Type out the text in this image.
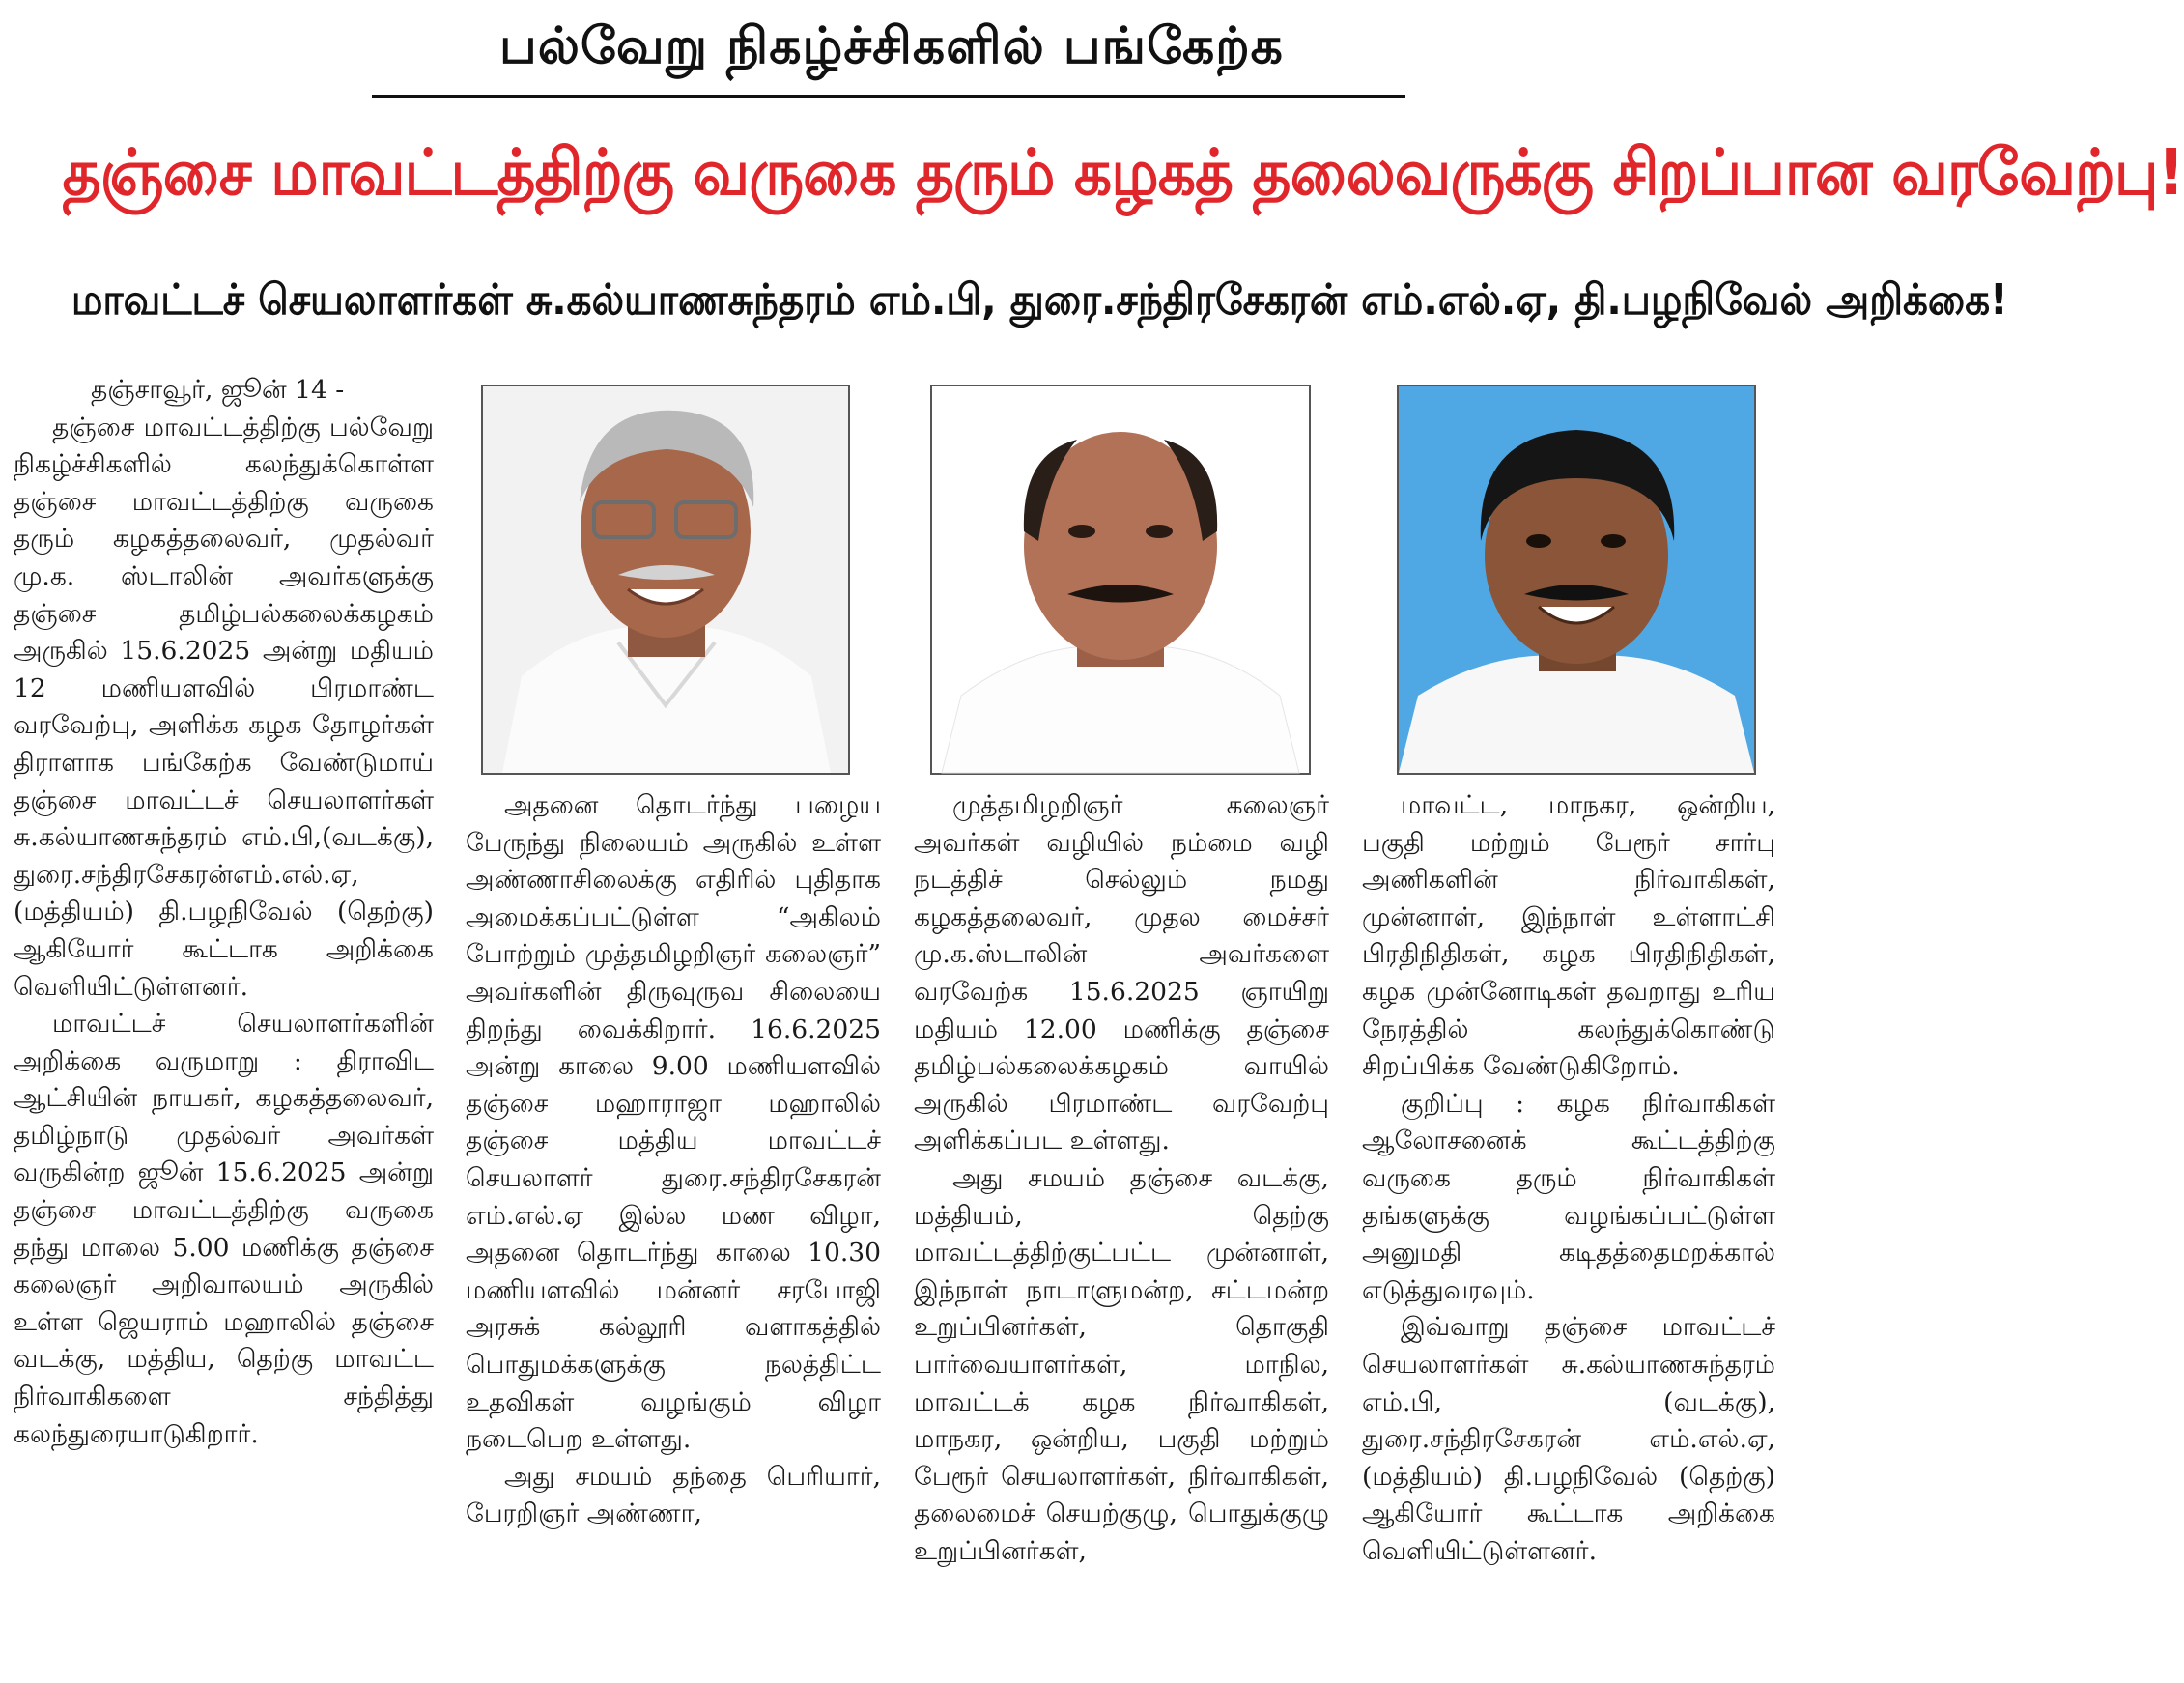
பல்வேறு நிகழ்ச்சிகளில் பங்கேற்க
தஞ்சை மாவட்டத்திற்கு வருகை தரும் கழகத் தலைவருக்கு சிறப்பான வரவேற்பு!
மாவட்டச் செயலாளர்கள் சு.கல்யாணசுந்தரம் எம்.பி, துரை.சந்திரசேகரன் எம்.எல்.ஏ, தி.பழநிவேல் அறிக்கை!

தஞ்சாவூர், ஜூன் 14 -

தஞ்சை மாவட்டத்திற்கு பல்வேறு நிகழ்ச்சிகளில் கலந்துக்கொள்ள தஞ்சை மாவட்டத்திற்கு வருகை தரும் கழகத்தலைவர், முதல்வர் மு.க. ஸ்டாலின் அவர்களுக்கு தஞ்சை தமிழ்பல்கலைக்கழகம் அருகில் 15.6.2025 அன்று மதியம் 12 மணியளவில் பிரமாண்ட வரவேற்பு, அளிக்க கழக தோழர்கள் திராளாக பங்கேற்க வேண்டுமாய் தஞ்சை மாவட்டச் செயலாளர்கள் சு.கல்யாணசுந்தரம் எம்.பி,(வடக்கு), துரை.சந்திரசேகரன்எம்.எல்.ஏ, (மத்தியம்) தி.பழநிவேல் (தெற்கு) ஆகியோர் கூட்டாக அறிக்கை வெளியிட்டுள்ளனர்.

மாவட்டச் செயலாளர்களின் அறிக்கை வருமாறு : திராவிட ஆட்சியின் நாயகர், கழகத்தலைவர், தமிழ்நாடு முதல்வர் அவர்கள் வருகின்ற ஜூன் 15.6.2025 அன்று தஞ்சை மாவட்டத்திற்கு வருகை தந்து மாலை 5.00 மணிக்கு தஞ்சை கலைஞர் அறிவாலயம் அருகில் உள்ள ஜெயராம் மஹாலில் தஞ்சை வடக்கு, மத்திய, தெற்கு மாவட்ட நிர்வாகிகளை சந்தித்து கலந்துரையாடுகிறார்.

அதனை தொடர்ந்து பழைய பேருந்து நிலையம் அருகில் உள்ள அண்ணாசிலைக்கு எதிரில் புதிதாக அமைக்கப்பட்டுள்ள “அகிலம் போற்றும் முத்தமிழறிஞர் கலைஞர்” அவர்களின் திருவுருவ சிலையை திறந்து வைக்கிறார். 16.6.2025 அன்று காலை 9.00 மணியளவில் தஞ்சை மஹாராஜா மஹாலில் தஞ்சை மத்திய மாவட்டச் செயலாளர் துரை.சந்திரசேகரன் எம்.எல்.ஏ இல்ல மண விழா, அதனை தொடர்ந்து காலை 10.30 மணியளவில் மன்னர் சரபோஜி அரசுக் கல்லூரி வளாகத்தில் பொதுமக்களுக்கு நலத்திட்ட உதவிகள் வழங்கும் விழா நடைபெற உள்ளது.

அது சமயம் தந்தை பெரியார், பேரறிஞர் அண்ணா,

முத்தமிழறிஞர் கலைஞர் அவர்கள் வழியில் நம்மை வழி நடத்திச் செல்லும் நமது கழகத்தலைவர், முதல மைச்சர் மு.க.ஸ்டாலின் அவர்களை வரவேற்க 15.6.2025 ஞாயிறு மதியம் 12.00 மணிக்கு தஞ்சை தமிழ்பல்கலைக்கழகம் வாயில் அருகில் பிரமாண்ட வரவேற்பு அளிக்கப்பட உள்ளது.

அது சமயம் தஞ்சை வடக்கு, மத்தியம், தெற்கு மாவட்டத்திற்குட்பட்ட முன்னாள், இந்நாள் நாடாளுமன்ற, சட்டமன்ற உறுப்பினர்கள், தொகுதி பார்வையாளர்கள், மாநில, மாவட்டக் கழக நிர்வாகிகள், மாநகர, ஒன்றிய, பகுதி மற்றும் பேரூர் செயலாளர்கள், நிர்வாகிகள், தலைமைச் செயற்குழு, பொதுக்குழு உறுப்பினர்கள்,

மாவட்ட, மாநகர, ஒன்றிய, பகுதி மற்றும் பேரூர் சார்பு அணிகளின் நிர்வாகிகள், முன்னாள், இந்நாள் உள்ளாட்சி பிரதிநிதிகள், கழக பிரதிநிதிகள், கழக முன்னோடிகள் தவறாது உரிய நேரத்தில் கலந்துக்கொண்டு சிறப்பிக்க வேண்டுகிறோம்.

குறிப்பு : கழக நிர்வாகிகள் ஆலோசனைக் கூட்டத்திற்கு வருகை தரும் நிர்வாகிகள் தங்களுக்கு வழங்கப்பட்டுள்ள அனுமதி கடிதத்தைமறக்கால் எடுத்துவரவும்.

இவ்வாறு தஞ்சை மாவட்டச் செயலாளர்கள் சு.கல்யாணசுந்தரம் எம்.பி, (வடக்கு), துரை.சந்திரசேகரன் எம்.எல்.ஏ, (மத்தியம்) தி.பழநிவேல் (தெற்கு) ஆகியோர் கூட்டாக அறிக்கை வெளியிட்டுள்ளனர்.
